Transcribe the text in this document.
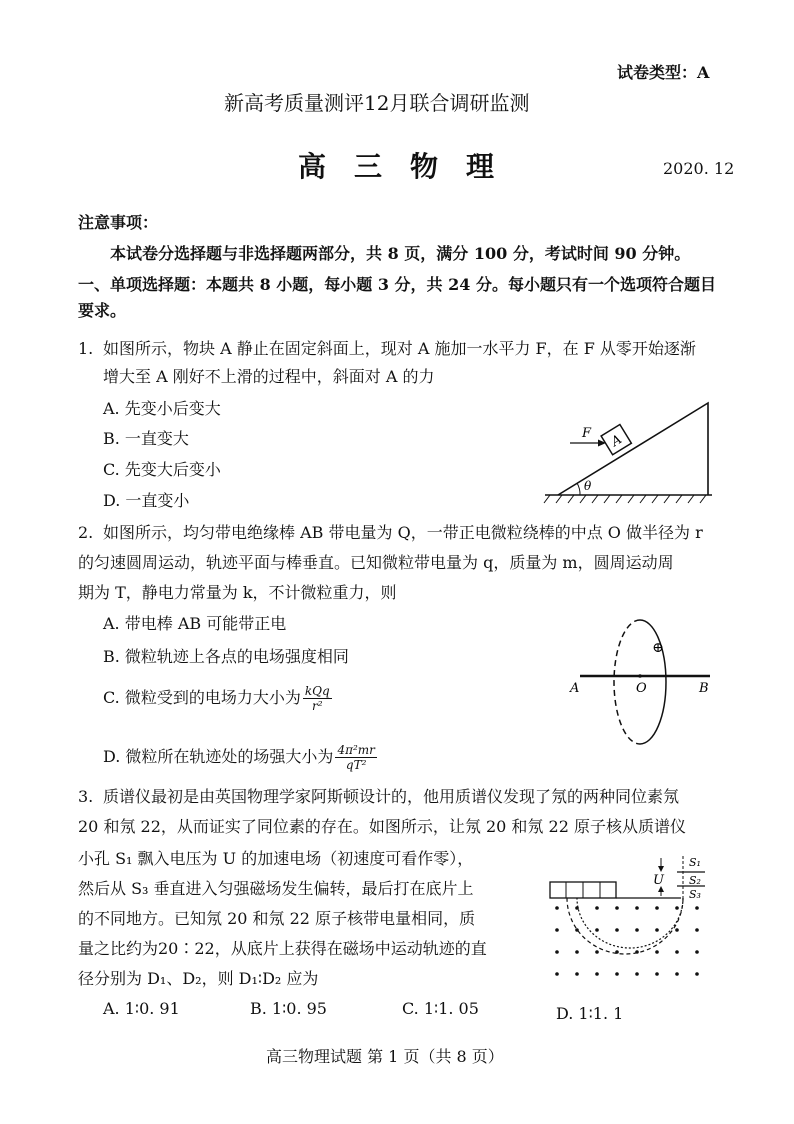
试卷类型：A
新高考质量测评12月联合调研监测
高　三　物　理	2020. 12
注意事项：
本试卷分选择题与非选择题两部分，共 8 页，满分 100 分，考试时间 90 分钟。
一、单项选择题：本题共 8 小题，每小题 3 分，共 24 分。每小题只有一个选项符合题目
要求。
1. 如图所示，物块 A 静止在固定斜面上，现对 A 施加一水平力 F，在 F 从零开始逐渐
增大至 A 刚好不上滑的过程中，斜面对 A 的力
A. 先变小后变大
B. 一直变大
C. 先变大后变小
D. 一直变小
A
F
θ
2. 如图所示，均匀带电绝缘棒 AB 带电量为 Q，一带正电微粒绕棒的中点 O 做半径为 r
的匀速圆周运动，轨迹平面与棒垂直。已知微粒带电量为 q，质量为 m，圆周运动周
期为 T，静电力常量为 k，不计微粒重力，则
A. 带电棒 AB 可能带正电
B. 微粒轨迹上各点的电场强度相同
C. 微粒受到的电场力大小为 $\frac{\text{kQq}}{\text{r²}}$
D. 微粒所在轨迹处的场强大小为 $\frac{\text{4π²mr}}{\text{qT²}}$
⊕
A	O	B
3. 质谱仪最初是由英国物理学家阿斯顿设计的，他用质谱仪发现了氖的两种同位素氖
20 和氖 22，从而证实了同位素的存在。如图所示，让氖 20 和氖 22 原子核从质谱仪
小孔 S₁ 飘入电压为 U 的加速电场（初速度可看作零），
然后从 S₃ 垂直进入匀强磁场发生偏转，最后打在底片上
的不同地方。已知氖 20 和氖 22 原子核带电量相同，质
量之比约为20∶22，从底片上获得在磁场中运动轨迹的直
径分别为 D₁、D₂，则 D₁∶D₂ 应为
A. 1∶0. 91	B. 1∶0. 95	C. 1∶1. 05	D. 1∶1. 1
U
S₁
S₂
S₃
高三物理试题 第 1 页（共 8 页）
